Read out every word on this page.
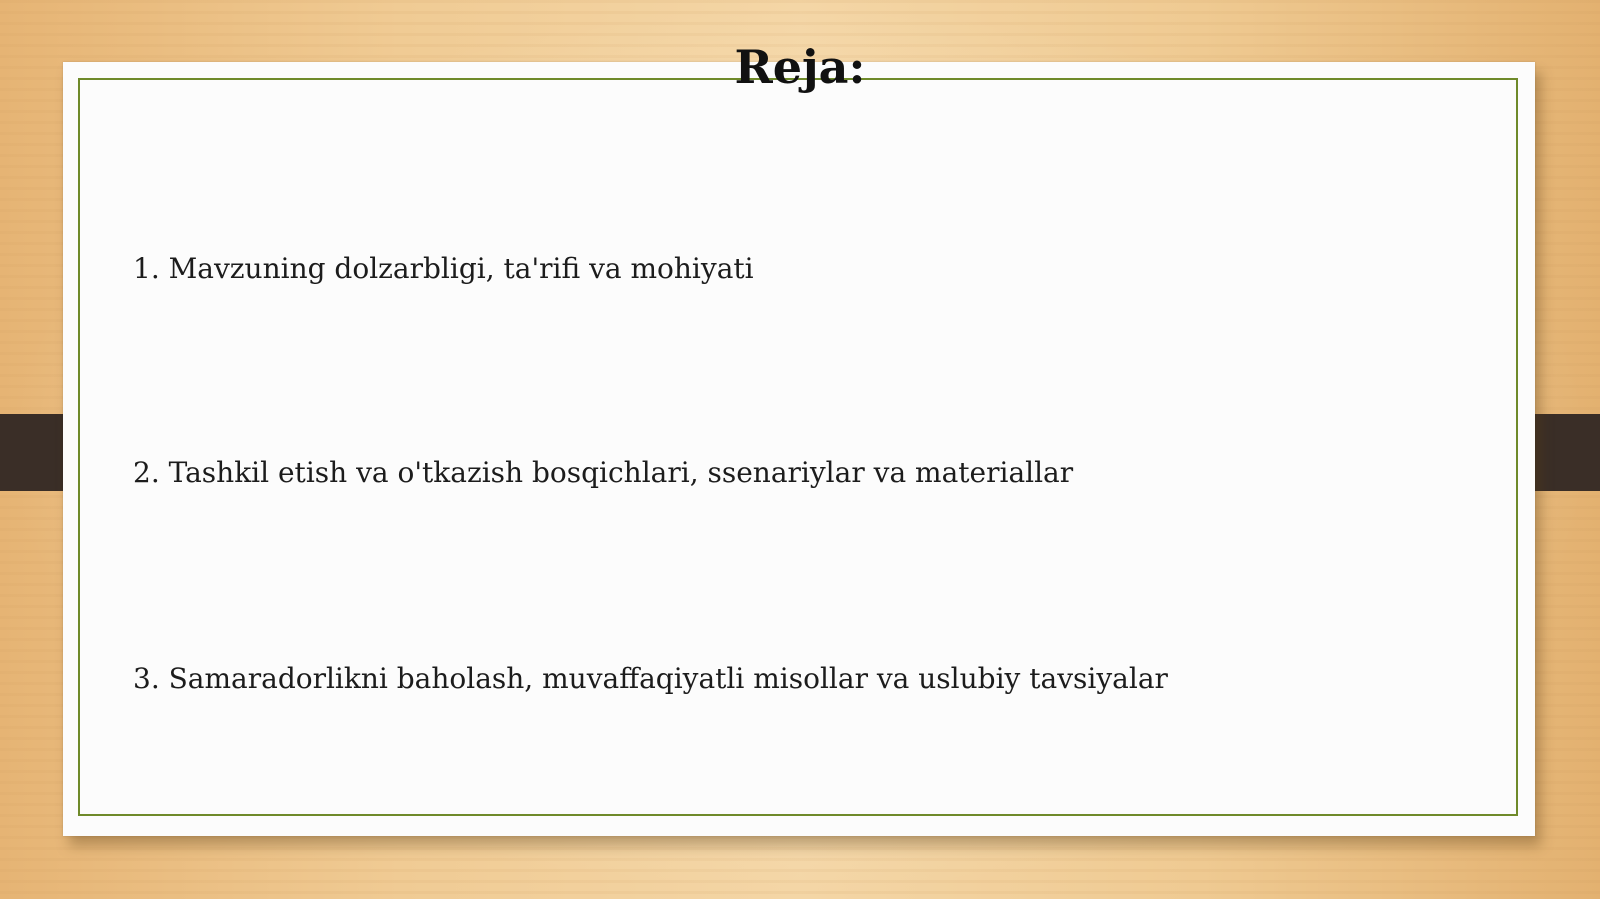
Reja:
1. Mavzuning dolzarbligi, ta'rifi va mohiyati
2. Tashkil etish va o'tkazish bosqichlari, ssenariylar va materiallar
3. Samaradorlikni baholash, muvaffaqiyatli misollar va uslubiy tavsiyalar
